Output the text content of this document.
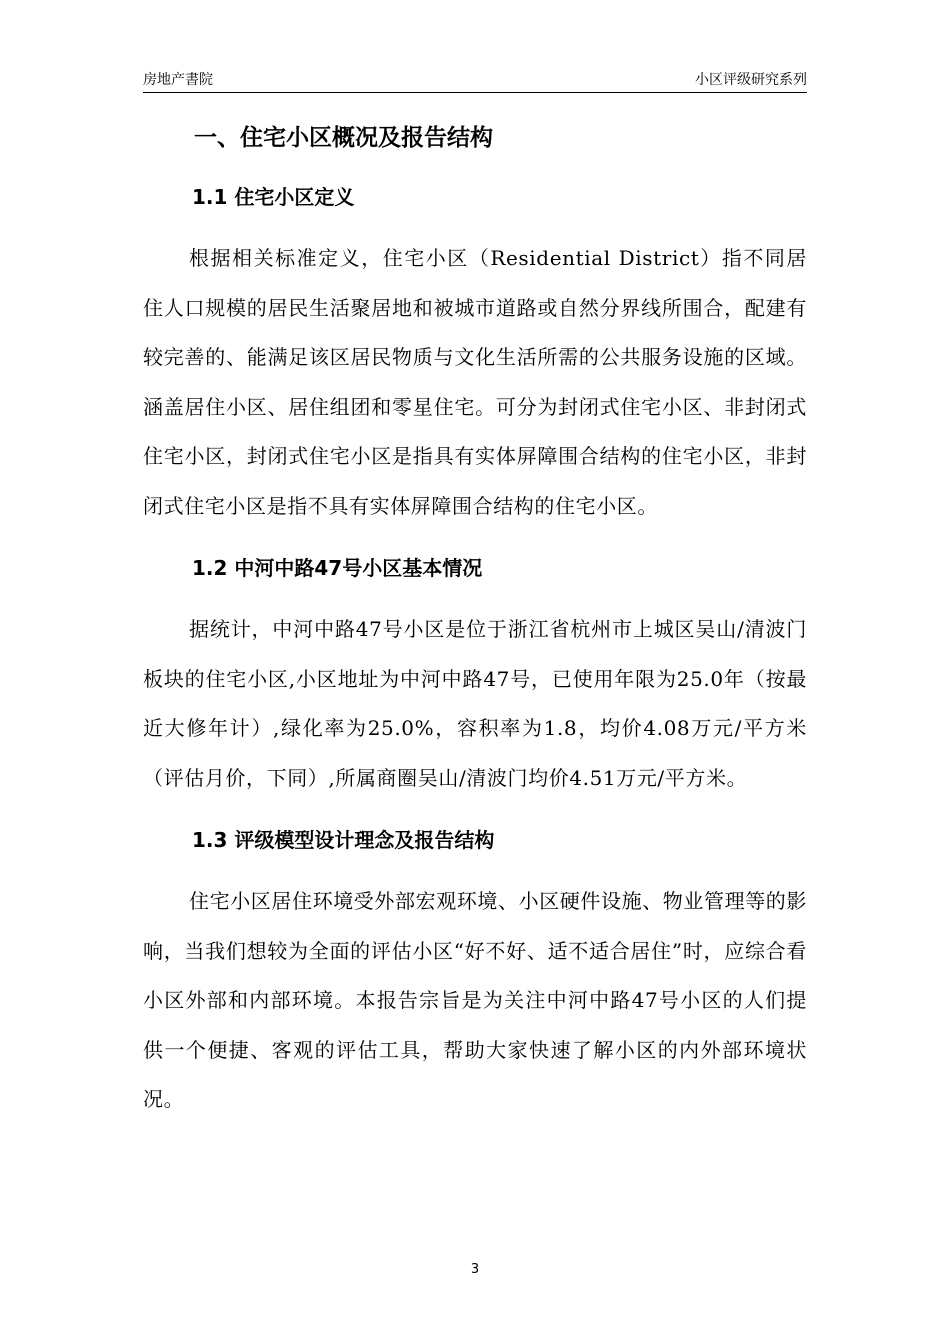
房地产書院	小区评级研究系列
一、住宅小区概况及报告结构
1.1 住宅小区定义

根据相关标准定义，住宅小区（Residential District）指不同居住人口规模的居民生活聚居地和被城市道路或自然分界线所围合，配建有较完善的、能满足该区居民物质与文化生活所需的公共服务设施的区域。涵盖居住小区、居住组团和零星住宅。可分为封闭式住宅小区、非封闭式住宅小区，封闭式住宅小区是指具有实体屏障围合结构的住宅小区，非封闭式住宅小区是指不具有实体屏障围合结构的住宅小区。

1.2 中河中路47号小区基本情况

据统计，中河中路47号小区是位于浙江省杭州市上城区吴山/清波门板块的住宅小区,小区地址为中河中路47号，已使用年限为25.0年（按最近大修年计）,绿化率为25.0%，容积率为1.8，均价4.08万元/平方米（评估月价，下同）,所属商圈吴山/清波门均价4.51万元/平方米。

1.3 评级模型设计理念及报告结构

住宅小区居住环境受外部宏观环境、小区硬件设施、物业管理等的影响，当我们想较为全面的评估小区“好不好、适不适合居住”时，应综合看小区外部和内部环境。本报告宗旨是为关注中河中路47号小区的人们提供一个便捷、客观的评估工具，帮助大家快速了解小区的内外部环境状况。

3
